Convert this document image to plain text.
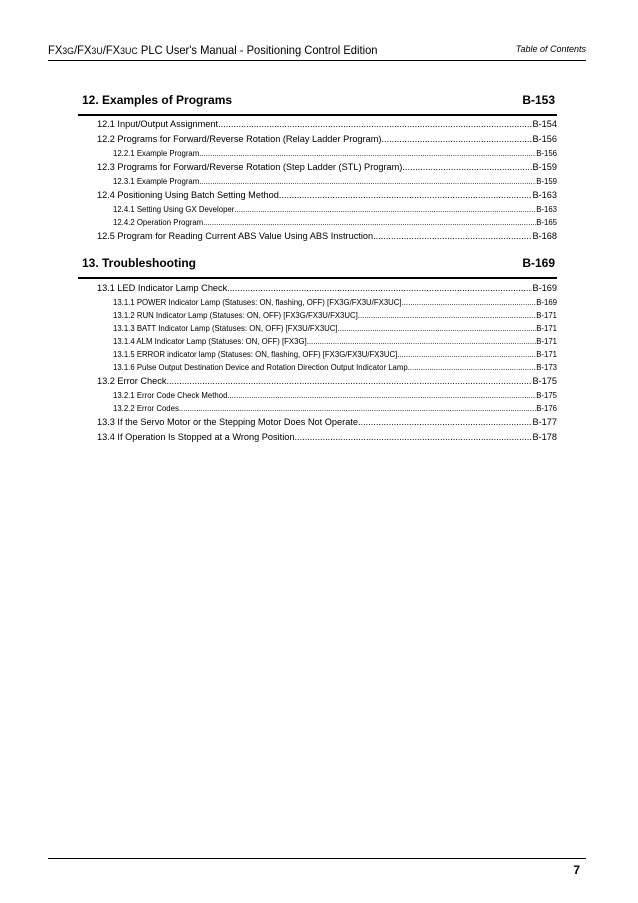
FX3G/FX3U/FX3UC PLC User's Manual - Positioning Control Edition	Table of Contents
12. Examples of Programs	B-153
12.1 Input/Output Assignment .....	B-154
12.2 Programs for Forward/Reverse Rotation (Relay Ladder Program) .....	B-156
12.2.1 Example Program .....	B-156
12.3 Programs for Forward/Reverse Rotation (Step Ladder (STL) Program). .....	B-159
12.3.1 Example Program .....	B-159
12.4 Positioning Using Batch Setting Method .....	B-163
12.4.1 Setting Using GX Developer .....	B-163
12.4.2 Operation Program .....	B-165
12.5 Program for Reading Current ABS Value Using ABS Instruction .....	B-168
13. Troubleshooting	B-169
13.1 LED Indicator Lamp Check .....	B-169
13.1.1 POWER Indicator Lamp (Statuses: ON, flashing, OFF) [FX3G/FX3U/FX3UC] .....	B-169
13.1.2 RUN Indicator Lamp (Statuses: ON, OFF) [FX3G/FX3U/FX3UC]. .....	B-171
13.1.3 BATT Indicator Lamp (Statuses: ON, OFF) [FX3U/FX3UC] .....	B-171
13.1.4 ALM Indicator Lamp (Statuses: ON, OFF) [FX3G] .....	B-171
13.1.5 ERROR indicator lamp (Statuses: ON, flashing, OFF) [FX3G/FX3U/FX3UC] .....	B-171
13.1.6 Pulse Output Destination Device and Rotation Direction Output Indicator Lamp .....	B-173
13.2 Error Check .....	B-175
13.2.1 Error Code Check Method .....	B-175
13.2.2 Error Codes .....	B-176
13.3 If the Servo Motor or the Stepping Motor Does Not Operate .....	B-177
13.4 If Operation Is Stopped at a Wrong Position .....	B-178
7
